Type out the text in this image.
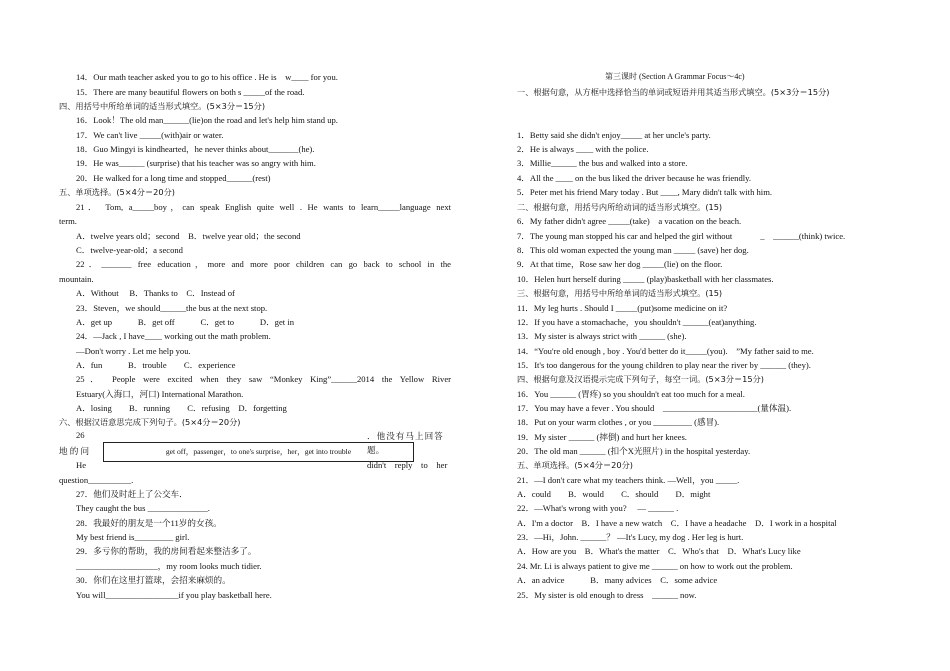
14．Our math teacher asked you to go to his office . He is　w____ for you.
15．There are many beautiful flowers on both s _____of the road.
四、用括号中所给单词的适当形式填空。(5×3分＝15分)
16．Look！The old man______(lie)on the road and let's help him stand up.
17．We can't live _____(with)air or water.
18．Guo Mingyi is kindhearted，he never thinks about_______(he).
19．He was______ (surprise) that his teacher was so angry with him.
20．He walked for a long time and stopped______(rest)
五、单项选择。(5×4分＝20分)
21． Tom, a_____boy，can speak English quite well . He wants to learn_____language next
term.
A．twelve years old；second　B．twelve year old；the second
C．twelve-year-old；a second
22．_______ free education，more and more poor children can go back to school in the
mountain.
A．Without　 B．Thanks to　C．Instead of
23．Steven，we should______the bus at the next stop.
A．get up　　　B．get off　　　C．get to　　　D．get in
24．—Jack , I have____ working out the math problem.
—Don't worry . Let me help you.
A．fun　　　B．trouble　　C．experience
25． People were excited when they saw “Monkey King”______2014 the Yellow River
Estuary(入海口，河口) International Marathon.
A．losing　　B．running　　C．refusing　D．forgetting
六、根据汉语意思完成下列句子。(5×4分＝20分)
26
get off，passenger，to one's surprise，her，get into trouble
地 的 问
．他没有马上回答
题。
He	didn't　reply　to　her
question__________.
27．他们及时赶上了公交车．
They caught the bus ______________.
28．我最好的朋友是一个11岁的女孩。
My best friend is_________ girl.
29．多亏你的帮助，我的房间看起来整洁多了。
___________________，my room looks much tidier.
30．你们在这里打篮球，会招来麻烦的。
You will_________________if you play basketball here.
第三课时 (Section A Grammar Focus～4c)
一、根据句意，从方框中选择恰当的单词或短语并用其适当形式填空。(5×3分＝15分)
1．Betty said she didn't enjoy_____ at her uncle's party.
2．He is always ____ with the police.
3．Millie______ the bus and walked into a store.
4．All the ____ on the bus liked the driver because he was friendly.
5．Peter met his friend Mary today . But ____, Mary didn't talk with him.
二、根据句意，用括号内所给动词的适当形式填空。(15)
6．My father didn't agree _____(take)　a vacation on the beach.
7．The young man stopped his car and helped the girl without　　　 _　______(think) twice.
8．This old woman expected the young man _____ (save) her dog.
9．At that time，Rose saw her dog _____(lie) on the floor.
10．Helen hurt herself during _____ (play)basketball with her classmates.
三、根据句意，用括号中所给单词的适当形式填空。(15)
11．My leg hurts . Should I _____(put)some medicine on it?
12．If you have a stomachache，you shouldn't ______(eat)anything.
13．My sister is always strict with ______ (she).
14．“You're old enough , boy . You'd better do it_____(you).　”My father said to me.
15．It's too dangerous for the young children to play near the river by ______ (they).
四、根据句意及汉语提示完成下列句子，每空一词。(5×3分＝15分)
16．You ______ (胃疼) so you shouldn't eat too much for a meal.
17．You may have a fever . You should　______________________(量体温).
18．Put on your warm clothes , or you _________ (感冒).
19．My sister ______ (摔倒) and hurt her knees.
20．The old man ______ (扣个X光照片) in the hospital yesterday.
五、单项选择。(5×4分＝20分)
21．—I don't care what my teachers think. —Well，you _____.
A．could　　B．would　　C．should　　D．might
22．—What's wrong with you?　 — ______ .
A．I'm a doctor　B．I have a new watch　C．I have a headache　D．I work in a hospital
23．—Hi，John. ______？ —It's Lucy, my dog . Her leg is hurt.
A．How are you　B．What's the matter　C．Who's that　D．What's Lucy like
24. Mr. Li is always patient to give me ______ on how to work out the problem.
A．an advice　　　B．many advices　C．some advice
25．My sister is old enough to dress　______ now.
